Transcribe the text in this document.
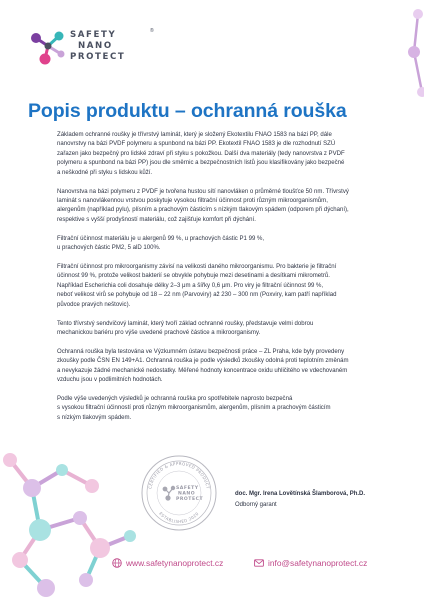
SAFETY
NANO
PROTECT
®
Popis produktu – ochranná rouška

Základem ochranné roušky je třívrstvý laminát, který je složený Ekotextilu FNAO 1583 na bázi PP, dále
nanovrstvy na bázi PVDF polymeru a spunbond na bázi PP. Ekotextil FNAO 1583 je dle rozhodnutí SZÚ
zařazen jako bezpečný pro lidské zdraví při styku s pokožkou. Další dva materiály (tedy nanovrstva z PVDF
polymeru a spunbond na bázi PP) jsou dle směrnic a bezpečnostních listů jsou klasifikovány jako bezpečné
a neškodné při styku s lidskou kůží.

Nanovrstva na bázi polymeru z PVDF je tvořena hustou sítí nanovláken o průměrné tloušťce 50 nm. Třívrstvý
laminát s nanovlákennou vrstvou poskytuje vysokou filtrační účinnost proti různým mikroorganismům,
alergenům (například pylu), plísním a prachovým částicím s nízkým tlakovým spádem (odporem při dýchaní),
respektive s vyšší prodyšností materiálu, což zajišťuje komfort při dýchání.

Filtrační účinnost materiálu je u alergenů 99 %, u prachových částic P1 99 %,
u prachových částic PM2, 5 alD 100%.

Filtrační účinnost pro mikroorganismy závisí na velikosti daného mikroorganismu. Pro bakterie je filtrační
účinnost 99 %, protože velikost bakterií se obvykle pohybuje mezi desetinami a desítkami mikrometrů.
Například Escherichia coli dosahuje délky 2–3 μm a šířky 0,6 μm. Pro viry je filtrační účinnost 99 %,
neboť velikost virů se pohybuje od 18 – 22 nm (Parvoviry) až 230 – 300 nm (Poxviry, kam patří například
původce pravých neštovic).

Tento třívrstvý sendvičový laminát, který tvoří základ ochranné roušky, představuje velmi dobrou
mechanickou bariéru pro výše uvedené prachové částice a mikroorganismy.

Ochranná rouška byla testována ve Výzkumném ústavu bezpečnosti práce – ZL Praha, kde byly provedeny
zkoušky podle ČSN EN 149+A1. Ochranná rouška je podle výsledků zkoušky odolná proti teplotním změnám
a nevykazuje žádné mechanické nedostatky. Měřené hodnoty koncentrace oxidu uhličitého ve vdechovaném
vzduchu jsou v podlimitních hodnotách.

Podle výše uvedených výsledků je ochranná rouška pro spotřebitele naprosto bezpečná
s vysokou filtrační účinností proti různým mikroorganismům, alergenům, plísním a prachovým částicím
s nízkým tlakovým spádem.

CERTIFIED & APPROVED PRODUCT
ESTABLISHED 2020
SAFETY
NANO
PROTECT
doc. Mgr. Irena Lovětínská Šlamborová, Ph.D.
Odborný garant
www.safetynanoprotect.cz	info@safetynanoprotect.cz
